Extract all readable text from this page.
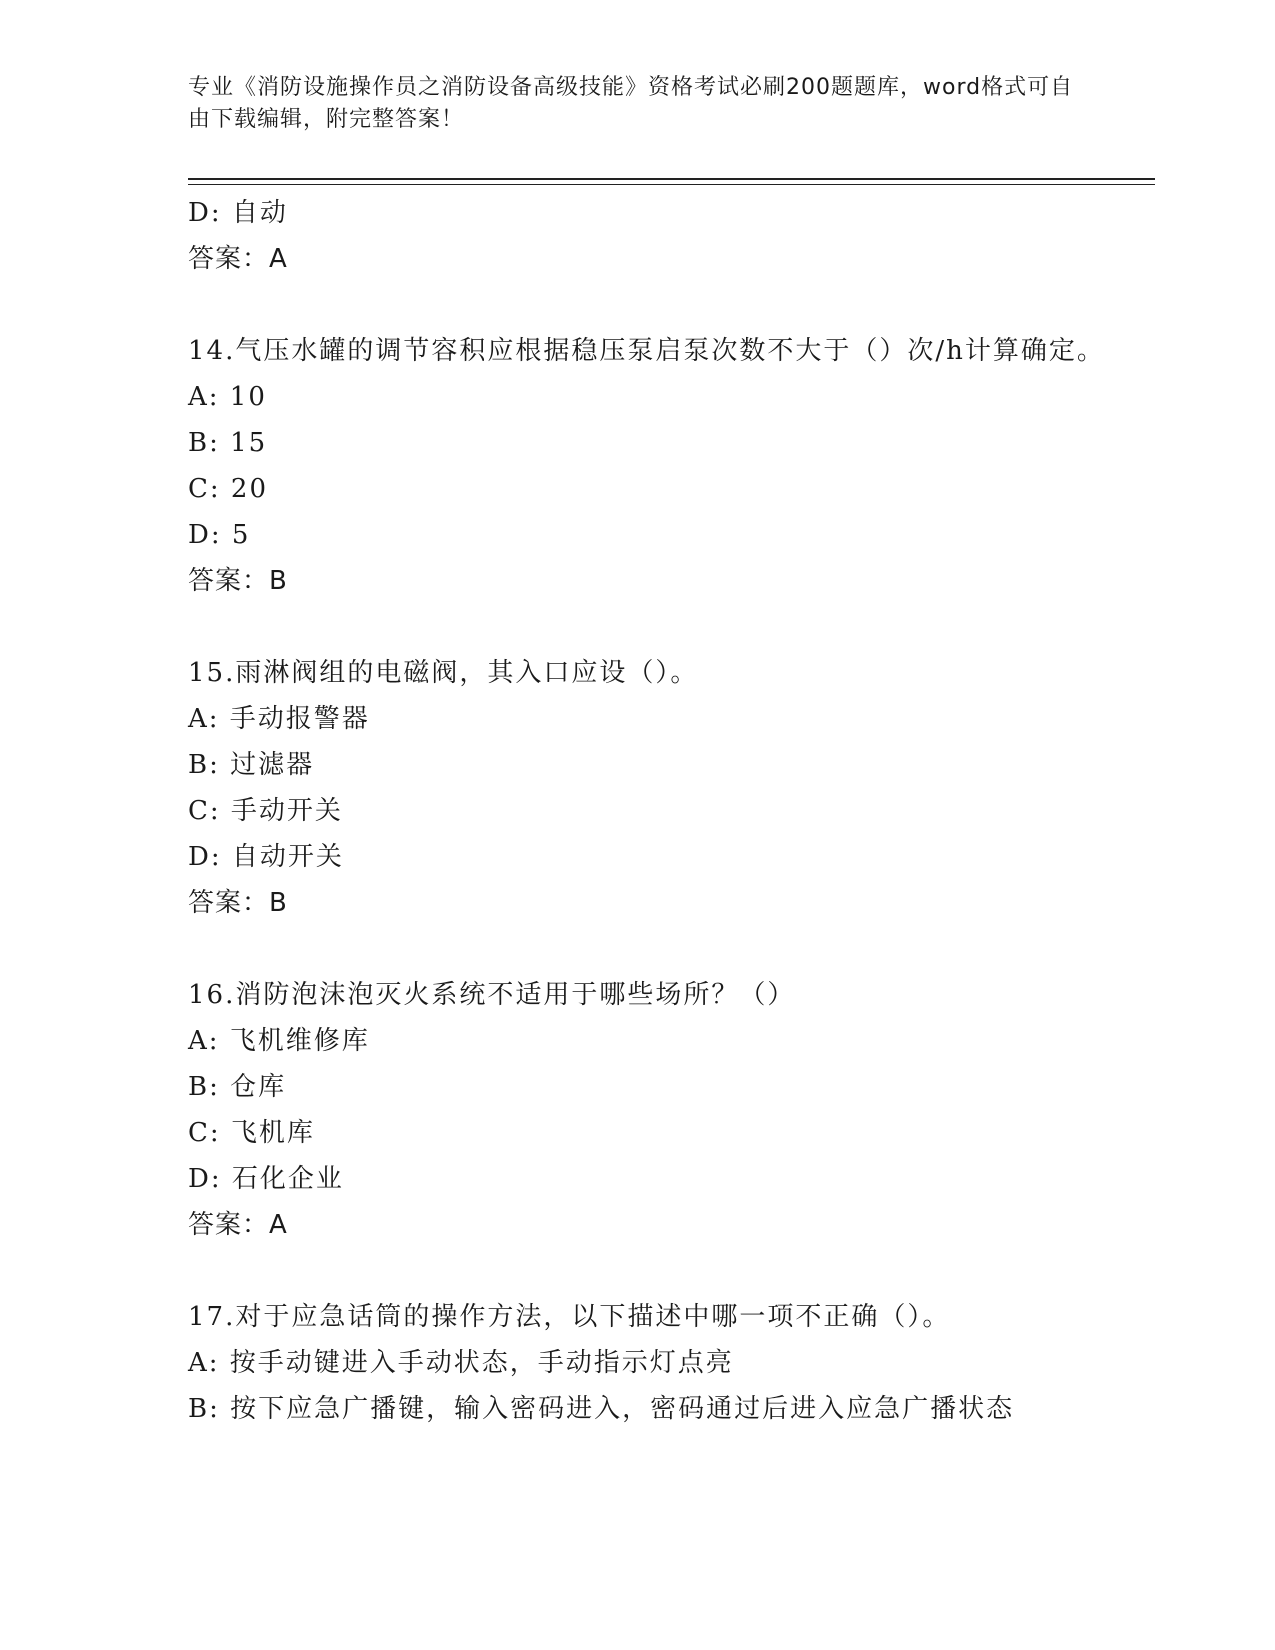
专业《消防设施操作员之消防设备高级技能》资格考试必刷200题题库，word格式可自由下载编辑，附完整答案！
D: 自动
答案：A
14.气压水罐的调节容积应根据稳压泵启泵次数不大于（）次/h计算确定。
A: 10
B: 15
C: 20
D: 5
答案：B
15.雨淋阀组的电磁阀，其入口应设（）。
A: 手动报警器
B: 过滤器
C: 手动开关
D: 自动开关
答案：B
16.消防泡沫泡灭火系统不适用于哪些场所？（）
A: 飞机维修库
B: 仓库
C: 飞机库
D: 石化企业
答案：A
17.对于应急话筒的操作方法，以下描述中哪一项不正确（）。
A: 按手动键进入手动状态，手动指示灯点亮
B: 按下应急广播键，输入密码进入，密码通过后进入应急广播状态
